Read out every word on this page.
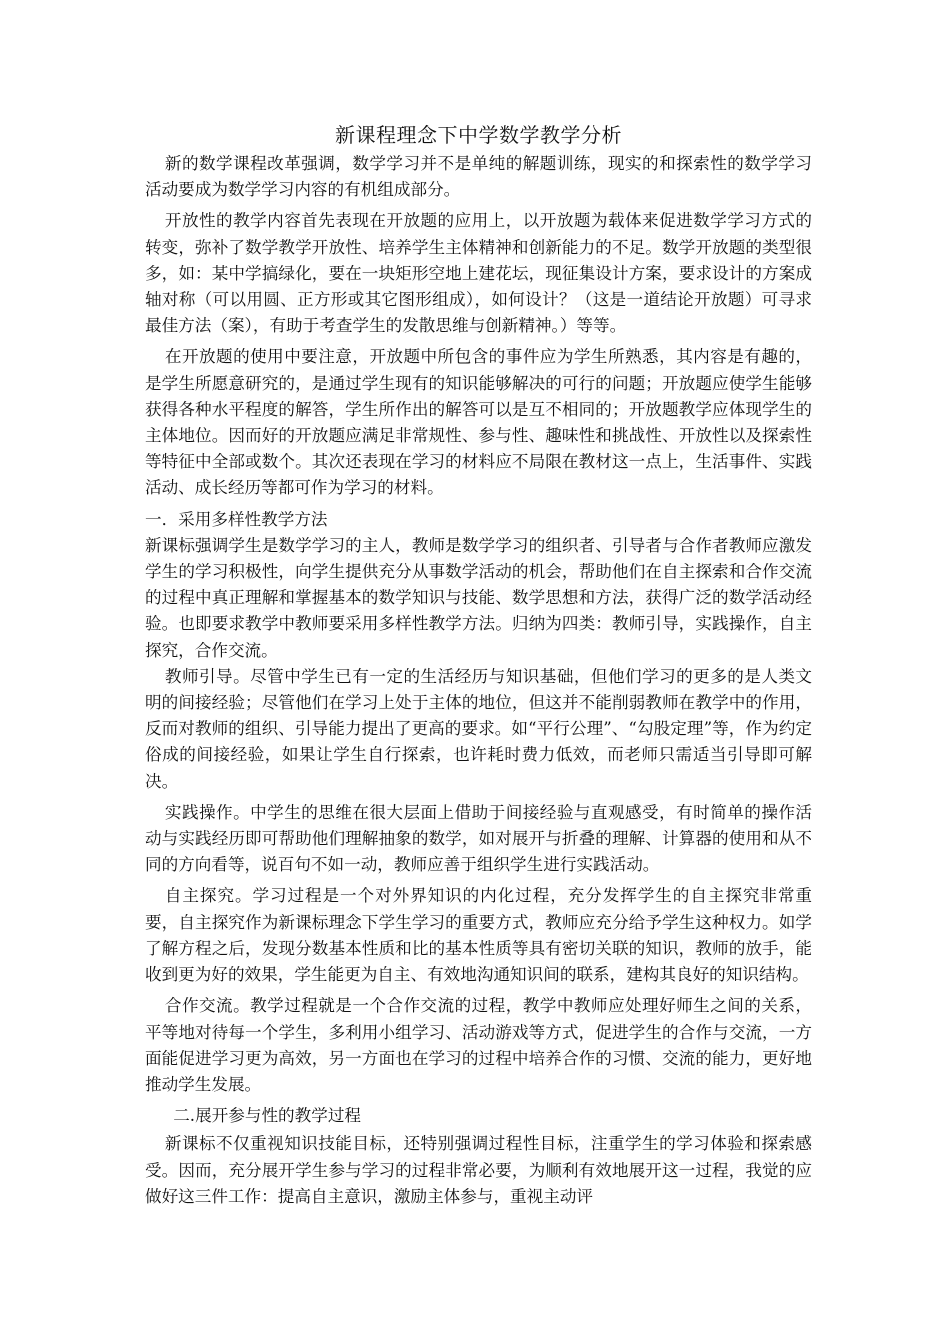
新课程理念下中学数学教学分析

新的数学课程改革强调，数学学习并不是单纯的解题训练，现实的和探索性的数学学习活动要成为数学学习内容的有机组成部分。

开放性的教学内容首先表现在开放题的应用上，以开放题为载体来促进数学学习方式的转变，弥补了数学教学开放性、培养学生主体精神和创新能力的不足。数学开放题的类型很多，如：某中学搞绿化，要在一块矩形空地上建花坛，现征集设计方案，要求设计的方案成轴对称（可以用圆、正方形或其它图形组成），如何设计？（这是一道结论开放题）可寻求最佳方法（案），有助于考查学生的发散思维与创新精神。）等等。

在开放题的使用中要注意，开放题中所包含的事件应为学生所熟悉，其内容是有趣的，是学生所愿意研究的，是通过学生现有的知识能够解决的可行的问题；开放题应使学生能够获得各种水平程度的解答，学生所作出的解答可以是互不相同的；开放题教学应体现学生的主体地位。因而好的开放题应满足非常规性、参与性、趣味性和挑战性、开放性以及探索性等特征中全部或数个。其次还表现在学习的材料应不局限在教材这一点上，生活事件、实践活动、成长经历等都可作为学习的材料。

一．采用多样性教学方法

新课标强调学生是数学学习的主人，教师是数学学习的组织者、引导者与合作者教师应激发学生的学习积极性，向学生提供充分从事数学活动的机会，帮助他们在自主探索和合作交流的过程中真正理解和掌握基本的数学知识与技能、数学思想和方法，获得广泛的数学活动经验。也即要求教学中教师要采用多样性教学方法。归纳为四类：教师引导，实践操作，自主探究，合作交流。

教师引导。尽管中学生已有一定的生活经历与知识基础，但他们学习的更多的是人类文明的间接经验；尽管他们在学习上处于主体的地位，但这并不能削弱教师在教学中的作用，反而对教师的组织、引导能力提出了更高的要求。如“平行公理”、“勾股定理”等，作为约定俗成的间接经验，如果让学生自行探索，也许耗时费力低效，而老师只需适当引导即可解决。

实践操作。中学生的思维在很大层面上借助于间接经验与直观感受，有时简单的操作活动与实践经历即可帮助他们理解抽象的数学，如对展开与折叠的理解、计算器的使用和从不同的方向看等，说百句不如一动，教师应善于组织学生进行实践活动。

自主探究。学习过程是一个对外界知识的内化过程，充分发挥学生的自主探究非常重要，自主探究作为新课标理念下学生学习的重要方式，教师应充分给予学生这种权力。如学了解方程之后，发现分数基本性质和比的基本性质等具有密切关联的知识，教师的放手，能收到更为好的效果，学生能更为自主、有效地沟通知识间的联系，建构其良好的知识结构。

合作交流。教学过程就是一个合作交流的过程，教学中教师应处理好师生之间的关系，平等地对待每一个学生，多利用小组学习、活动游戏等方式，促进学生的合作与交流，一方面能促进学习更为高效，另一方面也在学习的过程中培养合作的习惯、交流的能力，更好地推动学生发展。

二.展开参与性的教学过程

新课标不仅重视知识技能目标，还特别强调过程性目标，注重学生的学习体验和探索感受。因而，充分展开学生参与学习的过程非常必要，为顺利有效地展开这一过程，我觉的应做好这三件工作：提高自主意识，激励主体参与，重视主动评
